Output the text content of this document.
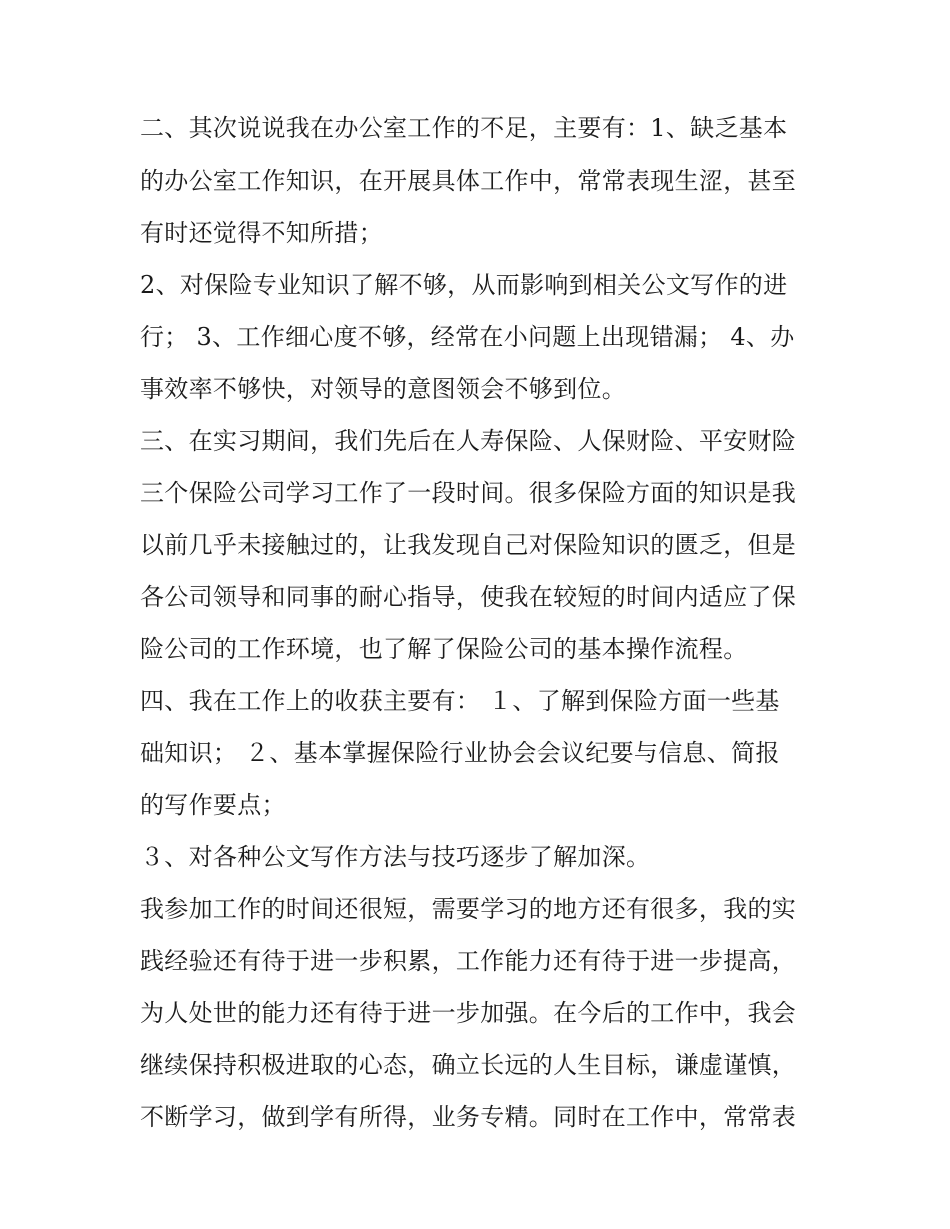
二、其次说说我在办公室工作的不足，主要有：1、缺乏基本
的办公室工作知识，在开展具体工作中，常常表现生涩，甚至
有时还觉得不知所措；
2、对保险专业知识了解不够，从而影响到相关公文写作的进
行； 3、工作细心度不够，经常在小问题上出现错漏； 4、办
事效率不够快，对领导的意图领会不够到位。
三、在实习期间，我们先后在人寿保险、人保财险、平安财险
三个保险公司学习工作了一段时间。很多保险方面的知识是我
以前几乎未接触过的，让我发现自己对保险知识的匮乏，但是
各公司领导和同事的耐心指导，使我在较短的时间内适应了保
险公司的工作环境，也了解了保险公司的基本操作流程。
四、我在工作上的收获主要有： １、了解到保险方面一些基
础知识； ２、基本掌握保险行业协会会议纪要与信息、简报
的写作要点；
３、对各种公文写作方法与技巧逐步了解加深。
我参加工作的时间还很短，需要学习的地方还有很多，我的实
践经验还有待于进一步积累，工作能力还有待于进一步提高，
为人处世的能力还有待于进一步加强。在今后的工作中，我会
继续保持积极进取的心态，确立长远的人生目标，谦虚谨慎，
不断学习，做到学有所得，业务专精。同时在工作中，常常表
